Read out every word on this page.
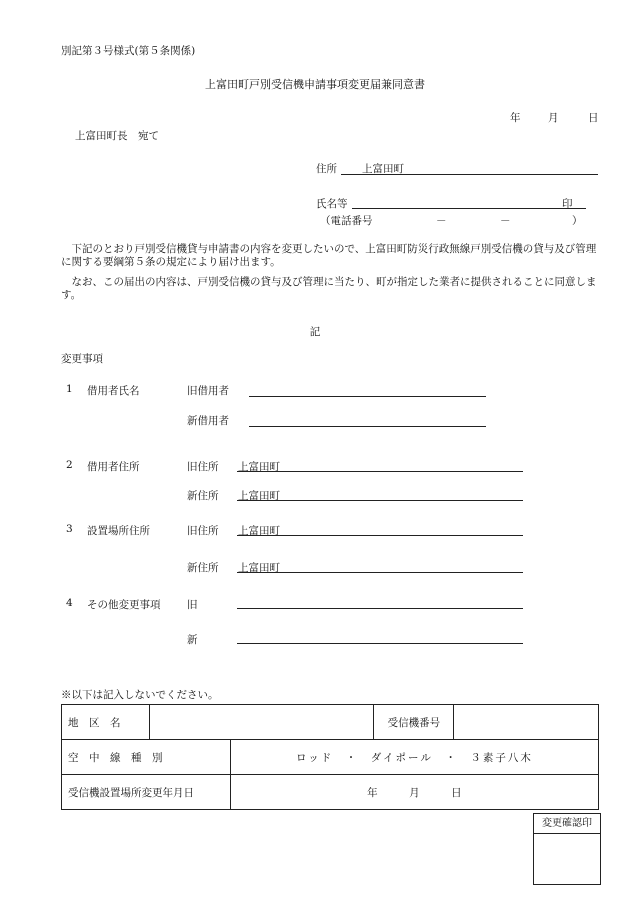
別記第３号様式(第５条関係)
上富田町戸別受信機申請事項変更届兼同意書
年	月	日
上富田町長　宛て
住所 上富田町
氏名等	印
（電話番号	－	－	）
下記のとおり戸別受信機貸与申請書の内容を変更したいので、上富田町防災行政無線戸別受信機の貸与及び管理に関する要綱第５条の規定により届け出ます。
なお、この届出の内容は、戸別受信機の貸与及び管理に当たり、町が指定した業者に提供されることに同意します。
記
変更事項
1 借用者氏名	旧借用者
新借用者
2 借用者住所	旧住所 上富田町
新住所 上富田町
3 設置場所住所	旧住所 上富田町
新住所 上富田町
4 その他変更事項	旧
新
※以下は記入しないでください。
地　区　名			受信機番号	
空　中　線　種　別		ロッド　・　ダイポール　・　３素子八木		
受信機設置場所変更年月日		年　　　月　　　日		
変更確認印
